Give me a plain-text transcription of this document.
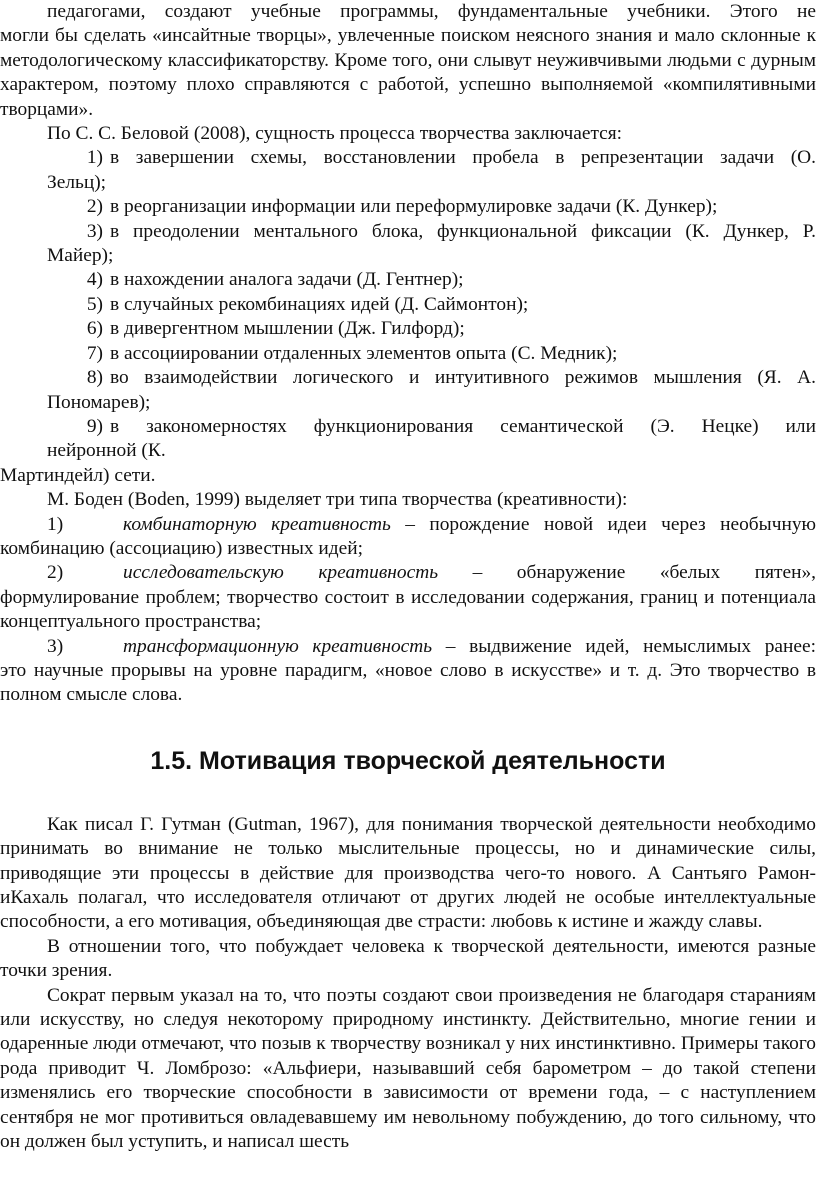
педагогами, создают учебные программы, фундаментальные учебники. Этого не

могли бы сделать «инсайтные творцы», увлеченные поиском неясного знания и мало склонные к методологическому классификаторству. Кроме того, они слывут неуживчивыми людьми с дурным характером, поэтому плохо справляются с работой, успешно выполняемой «компилятивными творцами».

По С. С. Беловой (2008), сущность процесса творчества заключается:

1) в завершении схемы, восстановлении пробела в репрезентации задачи (О.

Зельц);

2) в реорганизации информации или переформулировке задачи (К. Дункер);
3) в преодолении ментального блока, функциональной фиксации (К. Дункер, Р.

Майер);

4) в нахождении аналога задачи (Д. Гентнер);
5) в случайных рекомбинациях идей (Д. Саймонтон);
6) в дивергентном мышлении (Дж. Гилфорд);
7) в ассоциировании отдаленных элементов опыта (С. Медник);
8) во взаимодействии логического и интуитивного режимов мышления (Я. А.

Пономарев);

9) в закономерностях функционирования семантической (Э. Нецке) или

нейронной (К.

Мартиндейл) сети.

М. Боден (Boden, 1999) выделяет три типа творчества (креативности):

1)	комбинаторную креативность – порождение новой идеи через необычную

комбинацию (ассоциацию) известных идей;

2)	исследовательскую креативность – обнаружение «белых пятен»,

формулирование проблем; творчество состоит в исследовании содержания, границ и потенциала концептуального пространства;

3)	трансформационную креативность – выдвижение идей, немыслимых ранее:

это научные прорывы на уровне парадигм, «новое слово в искусстве» и т. д. Это творчество в полном смысле слова.

1.5. Мотивация творческой деятельности

Как писал Г. Гутман (Gutman, 1967), для понимания творческой деятельности необходимо принимать во внимание не только мыслительные процессы, но и динамические силы, приводящие эти процессы в действие для производства чего-то нового. А Сантьяго Рамон-иКахаль полагал, что исследователя отличают от других людей не особые интеллектуальные способности, а его мотивация, объединяющая две страсти: любовь к истине и жажду славы.

В отношении того, что побуждает человека к творческой деятельности, имеются разные точки зрения.

Сократ первым указал на то, что поэты создают свои произведения не благодаря стараниям или искусству, но следуя некоторому природному инстинкту. Действительно, многие гении и одаренные люди отмечают, что позыв к творчеству возникал у них инстинктивно. Примеры такого рода приводит Ч. Ломброзо: «Альфиери, называвший себя барометром – до такой степени изменялись его творческие способности в зависимости от времени года, – с наступлением сентября не мог противиться овладевавшему им невольному побуждению, до того сильному, что он должен был уступить, и написал шесть
